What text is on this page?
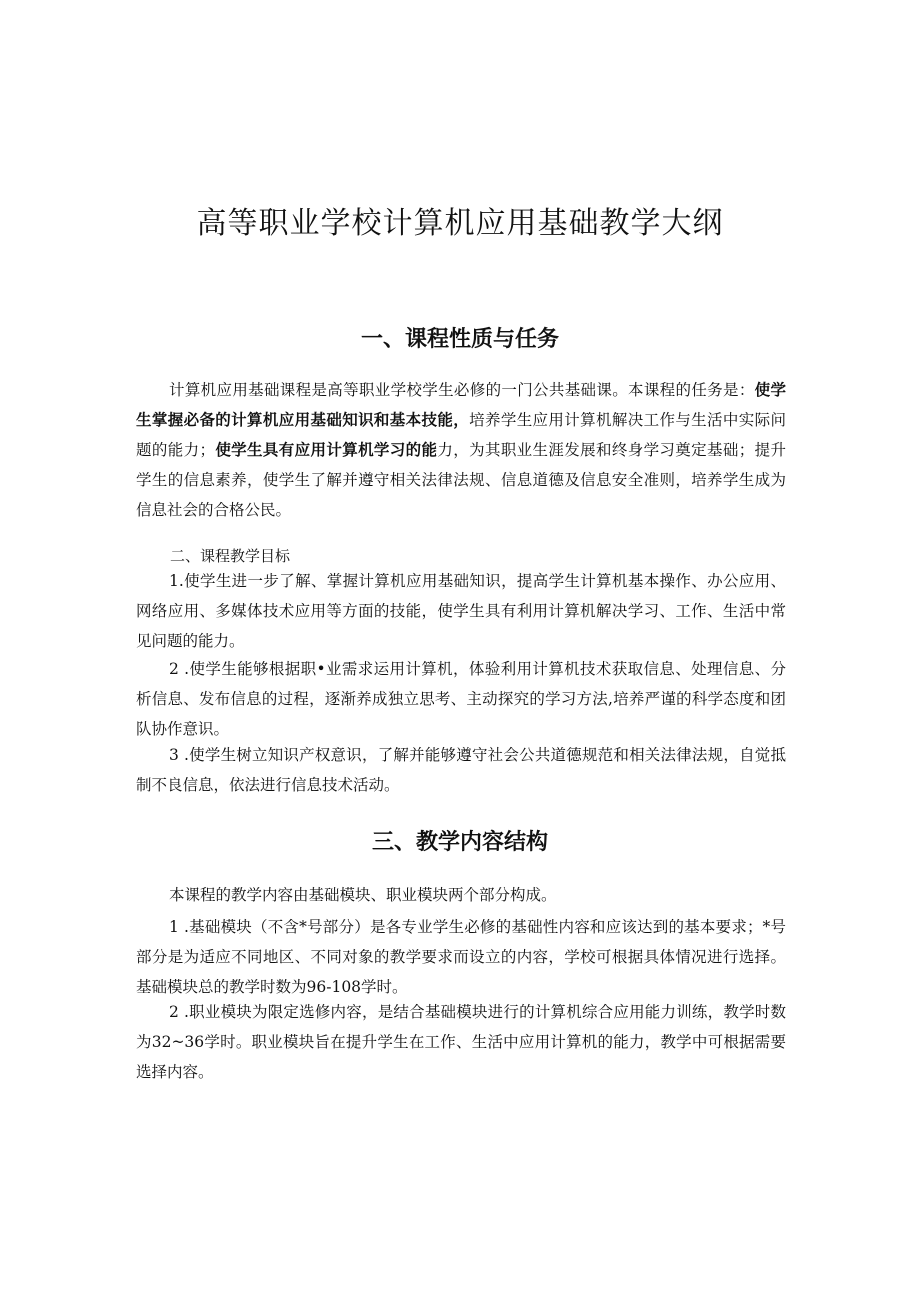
高等职业学校计算机应用基础教学大纲
一、课程性质与任务

计算机应用基础课程是高等职业学校学生必修的一门公共基础课。本课程的任务是：使学生掌握必备的计算机应用基础知识和基本技能，培养学生应用计算机解决工作与生活中实际问题的能力；使学生具有应用计算机学习的能力，为其职业生涯发展和终身学习奠定基础；提升学生的信息素养，使学生了解并遵守相关法律法规、信息道德及信息安全准则，培养学生成为信息社会的合格公民。

二、课程教学目标

1.使学生进一步了解、掌握计算机应用基础知识，提高学生计算机基本操作、办公应用、网络应用、多媒体技术应用等方面的技能，使学生具有利用计算机解决学习、工作、生活中常见问题的能力。

2 .使学生能够根据职•业需求运用计算机，体验利用计算机技术获取信息、处理信息、分析信息、发布信息的过程，逐渐养成独立思考、主动探究的学习方法,培养严谨的科学态度和团队协作意识。

3 .使学生树立知识产权意识，了解并能够遵守社会公共道德规范和相关法律法规，自觉抵制不良信息，依法进行信息技术活动。

三、教学内容结构

本课程的教学内容由基础模块、职业模块两个部分构成。

1 .基础模块（不含*号部分）是各专业学生必修的基础性内容和应该达到的基本要求；*号部分是为适应不同地区、不同对象的教学要求而设立的内容，学校可根据具体情况进行选择。基础模块总的教学时数为96-108学时。

2 .职业模块为限定选修内容，是结合基础模块进行的计算机综合应用能力训练，教学时数为32~36学时。职业模块旨在提升学生在工作、生活中应用计算机的能力，教学中可根据需要选择内容。
